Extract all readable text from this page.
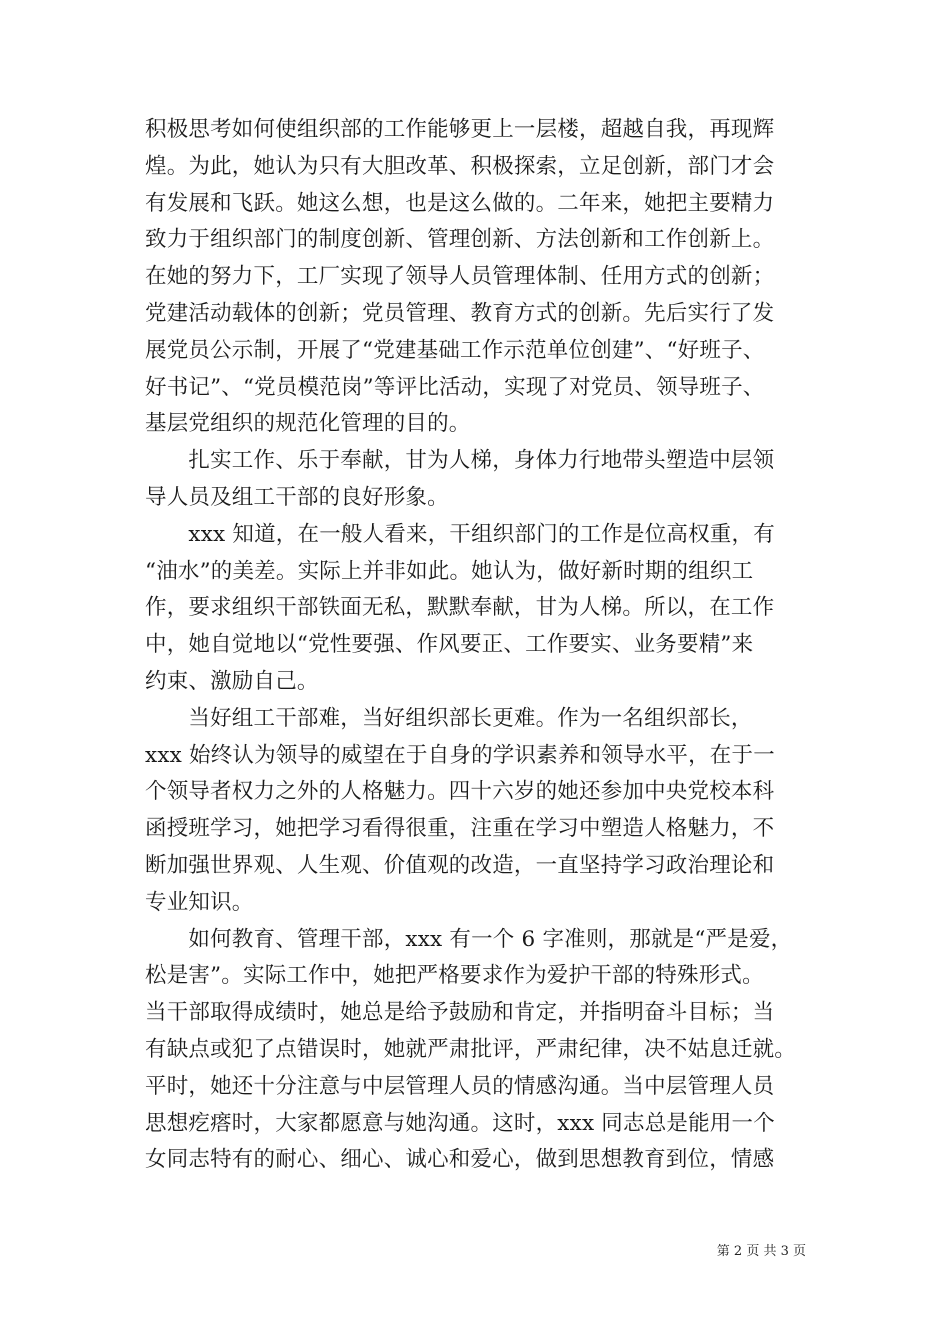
积极思考如何使组织部的工作能够更上一层楼，超越自我，再现辉
煌。为此，她认为只有大胆改革、积极探索，立足创新，部门才会
有发展和飞跃。她这么想，也是这么做的。二年来，她把主要精力
致力于组织部门的制度创新、管理创新、方法创新和工作创新上。
在她的努力下，工厂实现了领导人员管理体制、任用方式的创新；
党建活动载体的创新；党员管理、教育方式的创新。先后实行了发
展党员公示制，开展了“党建基础工作示范单位创建”、“好班子、
好书记”、“党员模范岗”等评比活动，实现了对党员、领导班子、
基层党组织的规范化管理的目的。
　　扎实工作、乐于奉献，甘为人梯，身体力行地带头塑造中层领
导人员及组工干部的良好形象。
　　xxx 知道，在一般人看来，干组织部门的工作是位高权重，有
“油水”的美差。实际上并非如此。她认为，做好新时期的组织工
作，要求组织干部铁面无私，默默奉献，甘为人梯。所以，在工作
中，她自觉地以“党性要强、作风要正、工作要实、业务要精”来
约束、激励自己。
　　当好组工干部难，当好组织部长更难。作为一名组织部长，
xxx 始终认为领导的威望在于自身的学识素养和领导水平，在于一
个领导者权力之外的人格魅力。四十六岁的她还参加中央党校本科
函授班学习，她把学习看得很重，注重在学习中塑造人格魅力，不
断加强世界观、人生观、价值观的改造，一直坚持学习政治理论和
专业知识。
　　如何教育、管理干部，xxx 有一个 6 字准则，那就是“严是爱，
松是害”。实际工作中，她把严格要求作为爱护干部的特殊形式。
当干部取得成绩时，她总是给予鼓励和肯定，并指明奋斗目标；当
有缺点或犯了点错误时，她就严肃批评，严肃纪律，决不姑息迁就。
平时，她还十分注意与中层管理人员的情感沟通。当中层管理人员
思想疙瘩时，大家都愿意与她沟通。这时，xxx 同志总是能用一个
女同志特有的耐心、细心、诚心和爱心，做到思想教育到位，情感
第 2 页 共 3 页
